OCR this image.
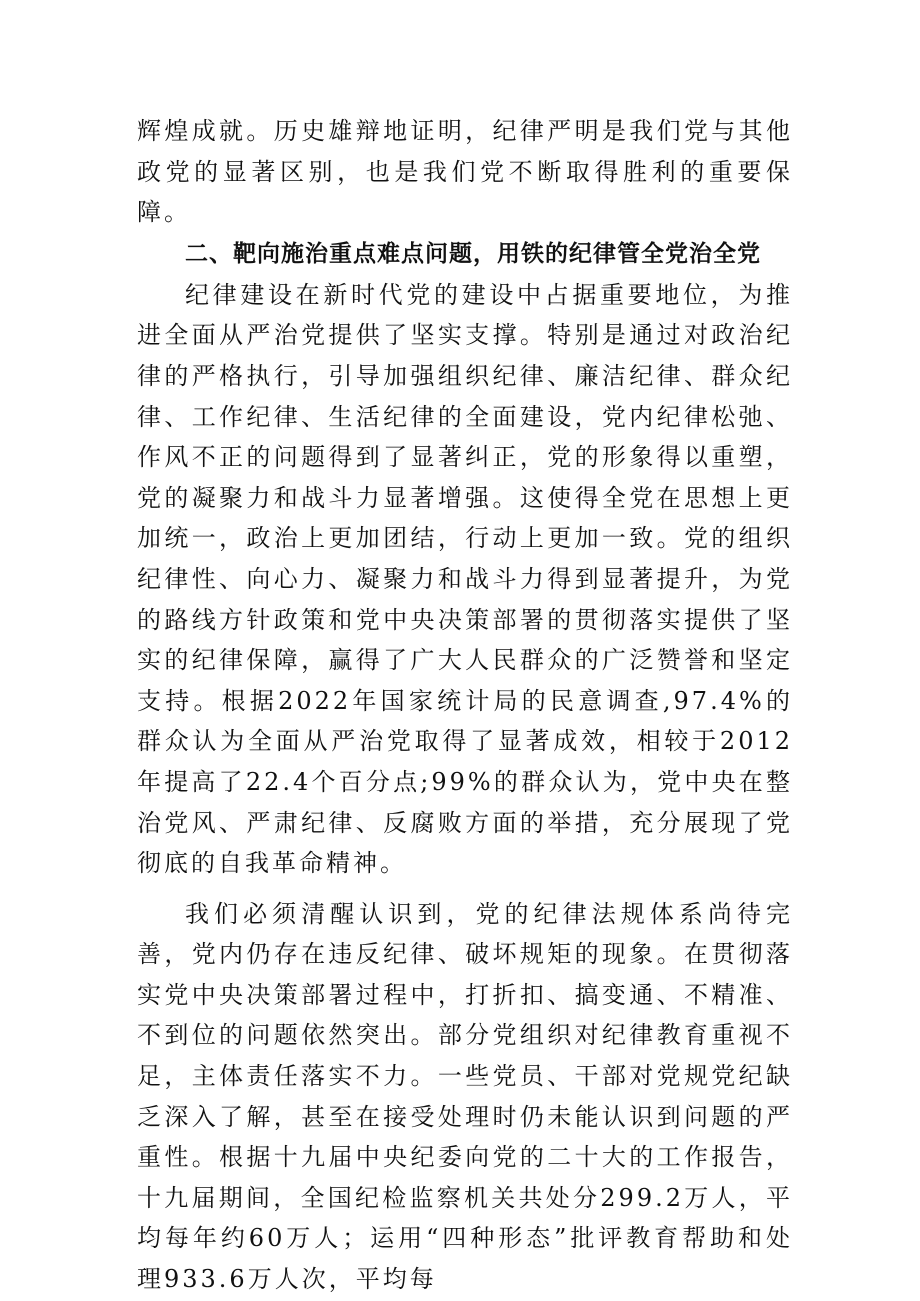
辉煌成就。历史雄辩地证明，纪律严明是我们党与其他政党的显著区别，也是我们党不断取得胜利的重要保障。

二、靶向施治重点难点问题，用铁的纪律管全党治全党

纪律建设在新时代党的建设中占据重要地位，为推进全面从严治党提供了坚实支撑。特别是通过对政治纪律的严格执行，引导加强组织纪律、廉洁纪律、群众纪律、工作纪律、生活纪律的全面建设，党内纪律松弛、作风不正的问题得到了显著纠正，党的形象得以重塑，党的凝聚力和战斗力显著增强。这使得全党在思想上更加统一，政治上更加团结，行动上更加一致。党的组织纪律性、向心力、凝聚力和战斗力得到显著提升，为党的路线方针政策和党中央决策部署的贯彻落实提供了坚实的纪律保障，赢得了广大人民群众的广泛赞誉和坚定支持。根据2022年国家统计局的民意调查,97.4%的群众认为全面从严治党取得了显著成效，相较于2012年提高了22.4个百分点;99%的群众认为，党中央在整治党风、严肃纪律、反腐败方面的举措，充分展现了党彻底的自我革命精神。

我们必须清醒认识到，党的纪律法规体系尚待完善，党内仍存在违反纪律、破坏规矩的现象。在贯彻落实党中央决策部署过程中，打折扣、搞变通、不精准、不到位的问题依然突出。部分党组织对纪律教育重视不足，主体责任落实不力。一些党员、干部对党规党纪缺乏深入了解，甚至在接受处理时仍未能认识到问题的严重性。根据十九届中央纪委向党的二十大的工作报告，十九届期间，全国纪检监察机关共处分299.2万人，平均每年约60万人；运用“四种形态”批评教育帮助和处理933.6万人次，平均每
